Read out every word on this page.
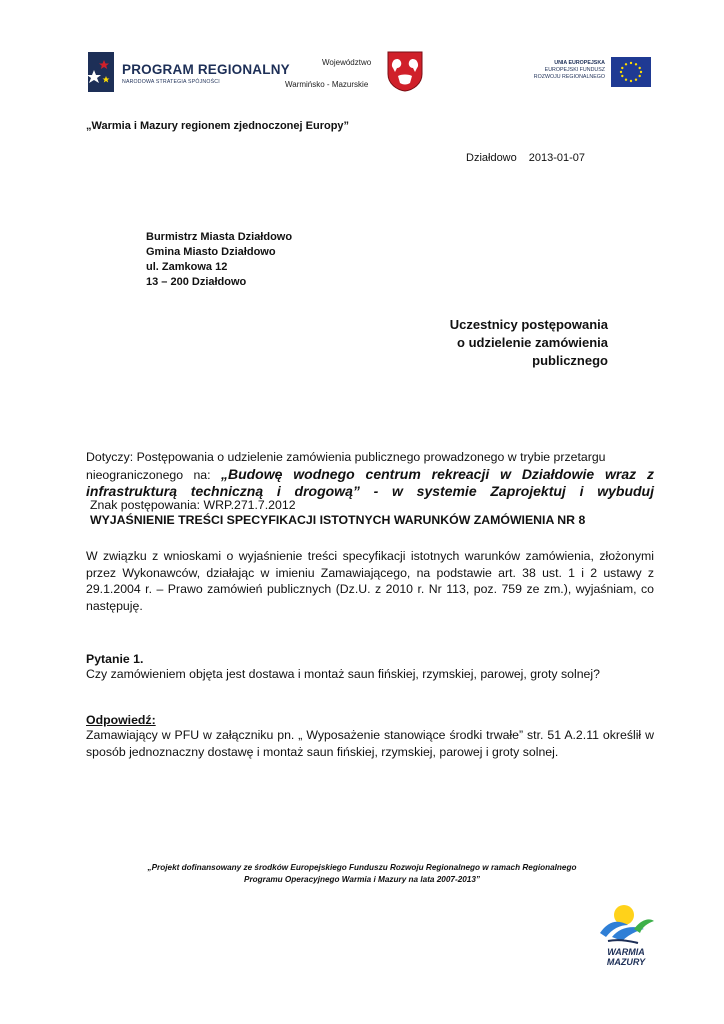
PROGRAM REGIONALNY
NARODOWA STRATEGIA SPÓJNOŚCI
Województwo
Warmińsko - Mazurskie
UNIA EUROPEJSKA
EUROPEJSKI FUNDUSZ
ROZWOJU REGIONALNEGO
„Warmia i Mazury regionem zjednoczonej Europy”
Działdowo 2013-01-07
Burmistrz Miasta Działdowo
Gmina Miasto Działdowo
ul. Zamkowa 12
13 – 200 Działdowo
Uczestnicy postępowania
o udzielenie zamówienia
publicznego
Dotyczy: Postępowania o udzielenie zamówienia publicznego prowadzonego w trybie przetargu
nieograniczonego na: „Budowę wodnego centrum rekreacji w Działdowie wraz z
infrastrukturą techniczną i drogową” - w systemie Zaprojektuj i wybuduj
Znak postępowania: WRP.271.7.2012
WYJAŚNIENIE TREŚCI SPECYFIKACJI ISTOTNYCH WARUNKÓW ZAMÓWIENIA NR 8
W związku z wnioskami o wyjaśnienie treści specyfikacji istotnych warunków zamówienia, złożonymi przez Wykonawców, działając w imieniu Zamawiającego, na podstawie art. 38 ust. 1 i 2 ustawy z 29.1.2004 r. – Prawo zamówień publicznych (Dz.U. z 2010 r. Nr 113, poz. 759 ze zm.), wyjaśniam, co następuję.
Pytanie 1.
Czy zamówieniem objęta jest dostawa i montaż saun fińskiej, rzymskiej, parowej, groty solnej?
Odpowiedź:
Zamawiający w PFU w załączniku pn. „ Wyposażenie stanowiące środki trwałe” str. 51 A.2.11 określił w sposób jednoznaczny dostawę i montaż saun fińskiej, rzymskiej, parowej i groty solnej.
„Projekt dofinansowany ze środków Europejskiego Funduszu Rozwoju Regionalnego w ramach Regionalnego
Programu Operacyjnego Warmia i Mazury na lata 2007-2013”
WARMIA
MAZURY
